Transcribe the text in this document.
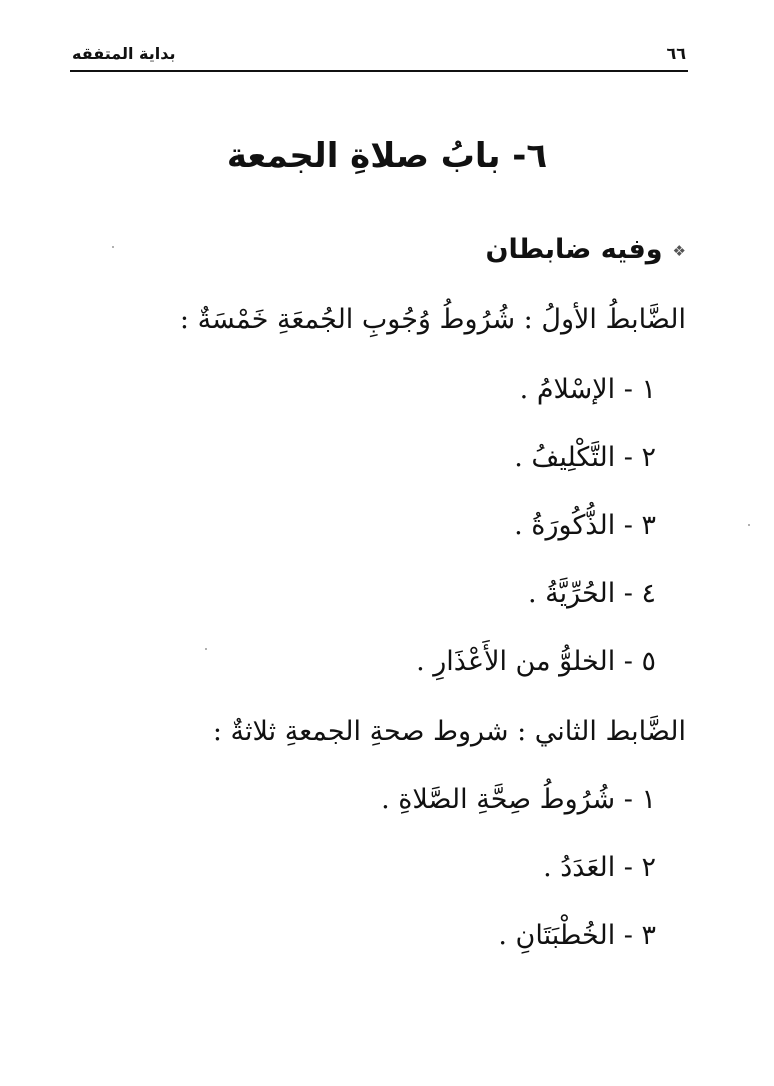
٦٦
بداية المتفقه
٦- بابُ صلاةِ الجمعة
❖وفيه ضابطان
الضَّابطُ الأولُ : شُرُوطُ وُجُوبِ الجُمعَةِ خَمْسَةٌ :
١ - الإسْلامُ .
٢ - التَّكْلِيفُ .
٣ - الذُّكُورَةُ .
٤ - الحُرِّيَّةُ .
٥ - الخلوُّ من الأَعْذَارِ .
الضَّابط الثاني : شروط صحةِ الجمعةِ ثلاثةٌ :
١ - شُرُوطُ صِحَّةِ الصَّلاةِ .
٢ - العَدَدُ .
٣ - الخُطْبَتَانِ .
